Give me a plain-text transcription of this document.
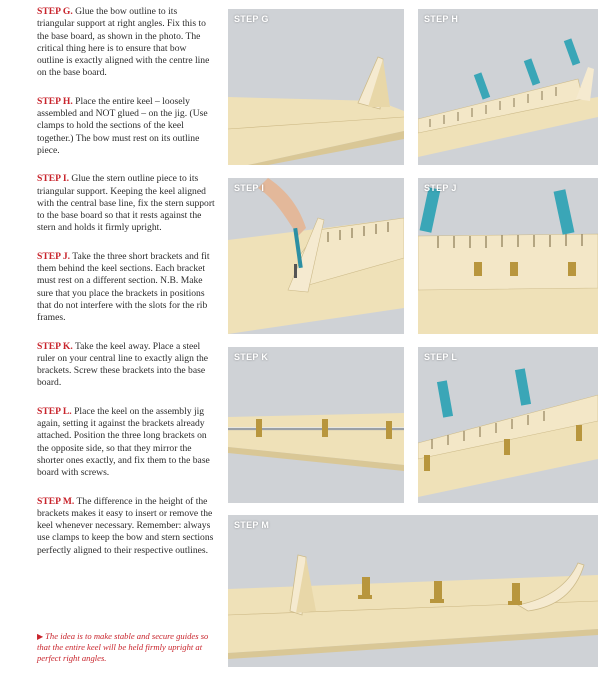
STEP G. Glue the bow outline to its triangular support at right angles. Fix this to the base board, as shown in the photo. The critical thing here is to ensure that bow outline is exactly aligned with the centre line on the base board.

STEP H. Place the entire keel – loosely assembled and NOT glued – on the jig. (Use clamps to hold the sections of the keel together.) The bow must rest on its outline piece.

STEP I. Glue the stern outline piece to its triangular support. Keeping the keel aligned with the central base line, fix the stern support to the base board so that it rests against the stern and holds it firmly upright.

STEP J. Take the three short brackets and fit them behind the keel sections. Each bracket must rest on a different section. N.B. Make sure that you place the brackets in positions that do not interfere with the slots for the rib frames.

STEP K. Take the keel away. Place a steel ruler on your central line to exactly align the brackets. Screw these brackets into the base board.

STEP L. Place the keel on the assembly jig again, setting it against the brackets already attached. Position the three long brackets on the opposite side, so that they mirror the shorter ones exactly, and fix them to the base board with screws.

STEP M. The difference in the height of the brackets makes it easy to insert or remove the keel whenever necessary. Remember: always use clamps to keep the bow and stern sections perfectly aligned to their respective outlines.

▶ The idea is to make stable and secure guides so that the entire keel will be held firmly upright at perfect right angles.
STEP G	STEP H
STEP I	STEP J
STEP K	STEP L
STEP M
